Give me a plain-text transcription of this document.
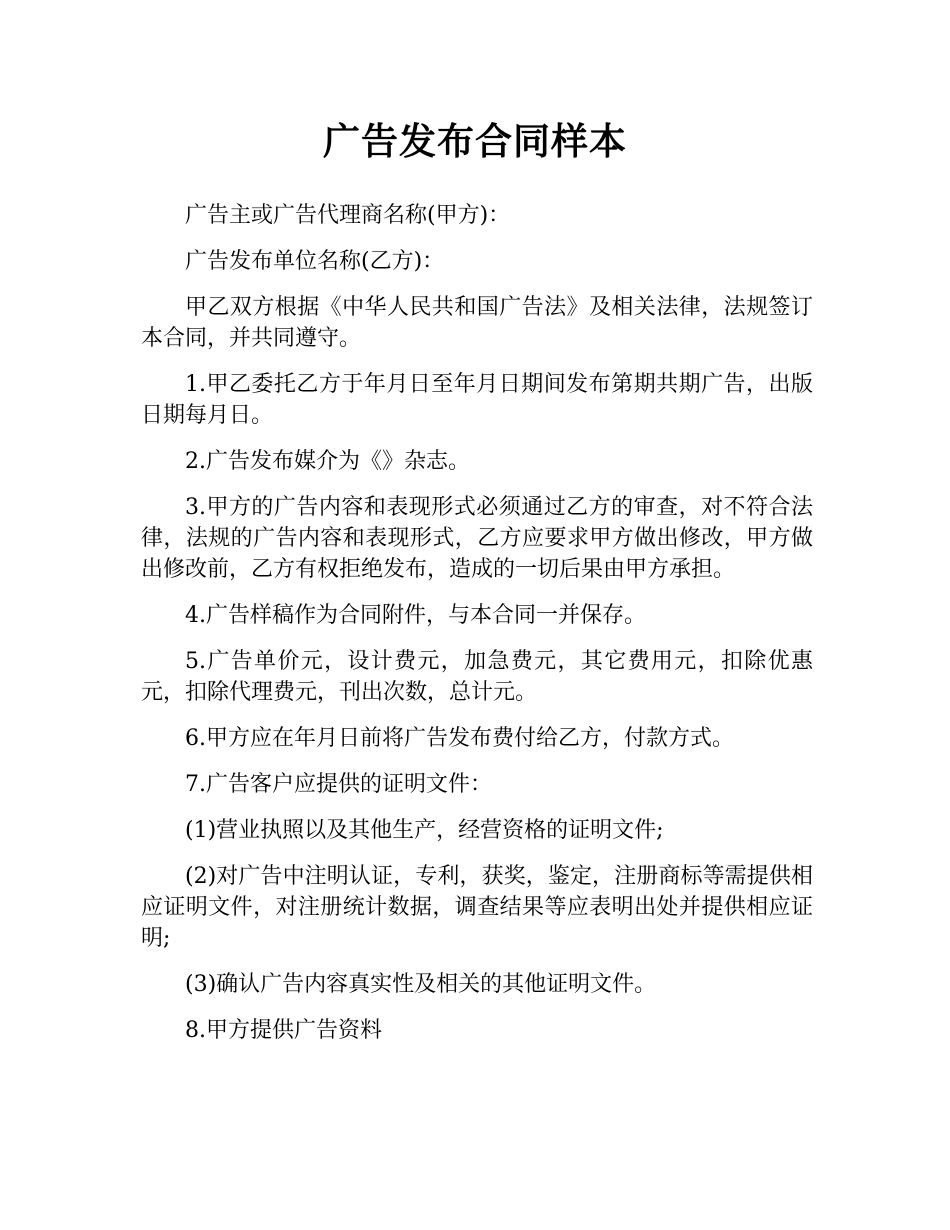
广告发布合同样本

广告主或广告代理商名称(甲方)：

广告发布单位名称(乙方)：

甲乙双方根据《中华人民共和国广告法》及相关法律，法规签订本合同，并共同遵守。

1.甲乙委托乙方于年月日至年月日期间发布第期共期广告，出版日期每月日。

2.广告发布媒介为《》杂志。

3.甲方的广告内容和表现形式必须通过乙方的审查，对不符合法律，法规的广告内容和表现形式，乙方应要求甲方做出修改，甲方做出修改前，乙方有权拒绝发布，造成的一切后果由甲方承担。

4.广告样稿作为合同附件，与本合同一并保存。

5.广告单价元，设计费元，加急费元，其它费用元，扣除优惠元，扣除代理费元，刊出次数，总计元。

6.甲方应在年月日前将广告发布费付给乙方，付款方式。

7.广告客户应提供的证明文件：

(1)营业执照以及其他生产，经营资格的证明文件;

(2)对广告中注明认证，专利，获奖，鉴定，注册商标等需提供相应证明文件，对注册统计数据，调查结果等应表明出处并提供相应证明;

(3)确认广告内容真实性及相关的其他证明文件。

8.甲方提供广告资料
